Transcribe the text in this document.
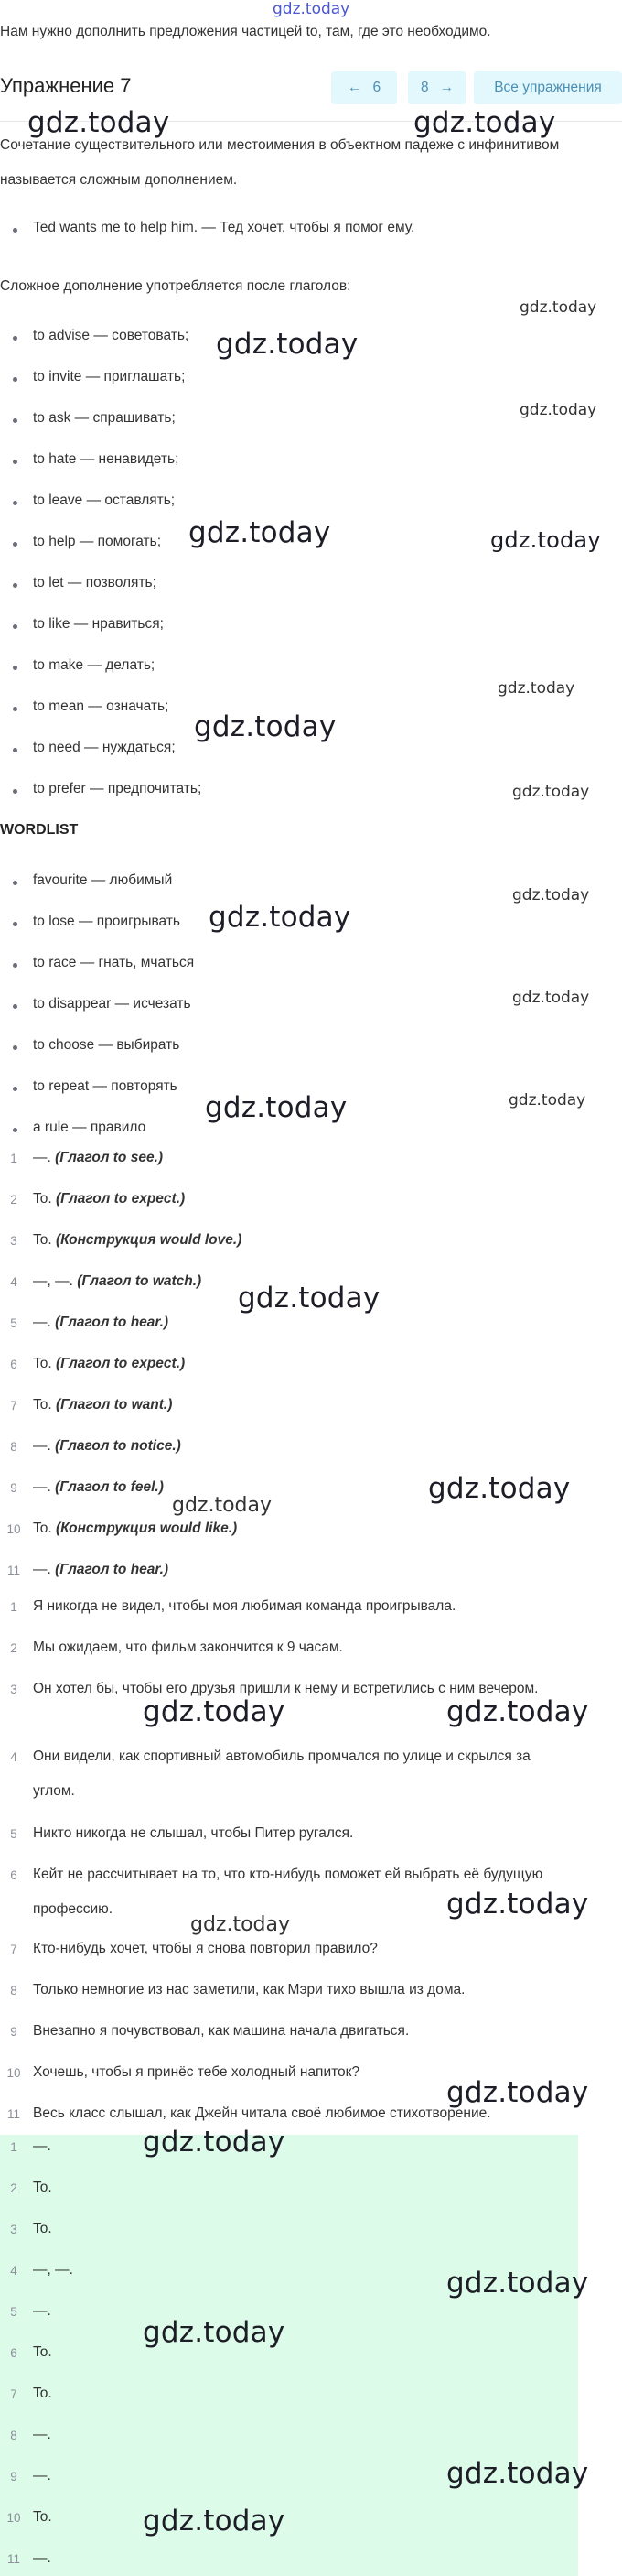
gdz.today
Нам нужно дополнить предложения частицей to, там, где это необходимо.
Упражнение 7	← 6	8 →	Все упражнения
Сочетание существительного или местоимения в объектном падеже с инфинитивом называется сложным дополнением.
Ted wants me to help him. — Тед хочет, чтобы я помог ему.
Сложное дополнение употребляется после глаголов:
to advise — советовать;
to invite — приглашать;
to ask — спрашивать;
to hate — ненавидеть;
to leave — оставлять;
to help — помогать;
to let — позволять;
to like — нравиться;
to make — делать;
to mean — означать;
to need — нуждаться;
to prefer — предпочитать;
WORDLIST
favourite — любимый
to lose — проигрывать
to race — гнать, мчаться
to disappear — исчезать
to choose — выбирать
to repeat — повторять
a rule — правило
1	—. (Глагол to see.)
2	To. (Глагол to expect.)
3	To. (Конструкция would love.)
4	—, —. (Глагол to watch.)
5	—. (Глагол to hear.)
6	To. (Глагол to expect.)
7	To. (Глагол to want.)
8	—. (Глагол to notice.)
9	—. (Глагол to feel.)
10 To. (Конструкция would like.)
11 —. (Глагол to hear.)
1	Я никогда не видел, чтобы моя любимая команда проигрывала.
2	Мы ожидаем, что фильм закончится к 9 часам.
3	Он хотел бы, чтобы его друзья пришли к нему и встретились с ним вечером.
4	Они видели, как спортивный автомобиль промчался по улице и скрылся за углом.
5	Никто никогда не слышал, чтобы Питер ругался.
6	Кейт не рассчитывает на то, что кто-нибудь поможет ей выбрать её будущую профессию.
7	Кто-нибудь хочет, чтобы я снова повторил правило?
8	Только немногие из нас заметили, как Мэри тихо вышла из дома.
9	Внезапно я почувствовал, как машина начала двигаться.
10 Хочешь, чтобы я принёс тебе холодный напиток?
11 Весь класс слышал, как Джейн читала своё любимое стихотворение.
1	—.
2	To.
3	To.
4	—, —.
5	—.
6	To.
7	To.
8	—.
9	—.
10 To.
11 —.
gdz.today	gdz.today
gdz.today
gdz.today
gdz.today
gdz.today	gdz.today
gdz.today
gdz.today
gdz.today
gdz.today
gdz.today
gdz.today
gdz.today
gdz.today
gdz.today
gdz.today
gdz.today
gdz.today	gdz.today
gdz.today
gdz.today
gdz.today
gdz.today
gdz.today
gdz.today
gdz.today
gdz.today
